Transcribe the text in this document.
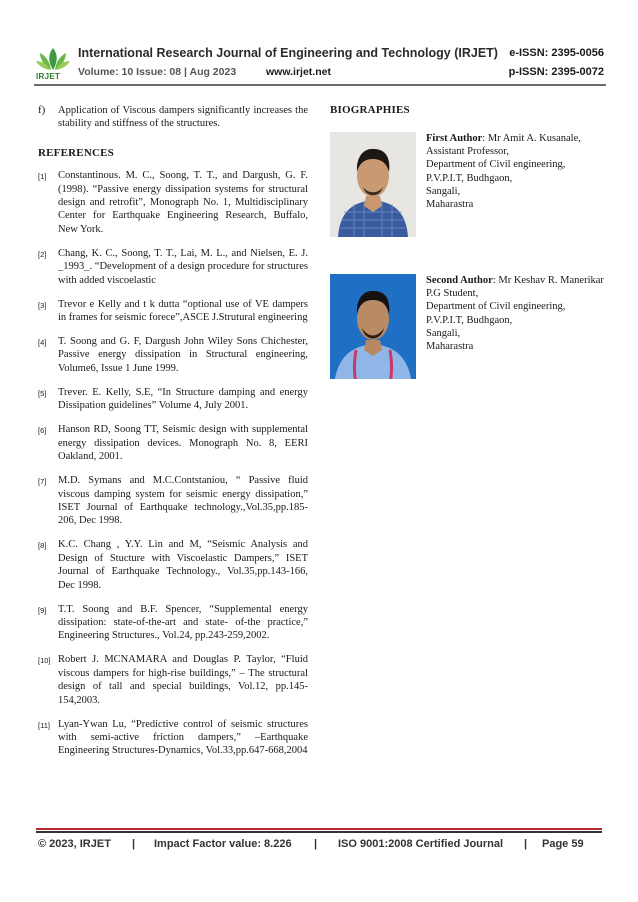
IRJET
International Research Journal of Engineering and Technology (IRJET) e-ISSN: 2395-0056
Volume: 10 Issue: 08 | Aug 2023	www.irjet.net	p-ISSN: 2395-0072
f)	Application of Viscous dampers significantly increases the stability and stiffness of the structures.
REFERENCES
[1]	Constantinous. M. C., Soong, T. T., and Dargush, G. F. (1998). “Passive energy dissipation systems for structural design and retrofit”, Monograph No. 1, Multidisciplinary Center for Earthquake Engineering Research, Buffalo, New York.
[2]	Chang, K. C., Soong, T. T., Lai, M. L., and Nielsen, E. J. _1993_. “Development of a design procedure for structures with added viscoelastic
[3]	Trevor e Kelly and t k dutta “optional use of VE dampers in frames for seismic forece”,ASCE J.Strutural engineering
[4]	T. Soong and G. F, Dargush John Wiley Sons Chichester, Passive energy dissipation in Structural engineering, Volume6, Issue 1 June 1999.
[5]	Trever. E. Kelly, S.E, “In Structure damping and energy Dissipation guidelines” Volume 4, July 2001.
[6]	Hanson RD, Soong TT, Seismic design with supplemental energy dissipation devices. Monograph No. 8, EERI Oakland, 2001.
[7]	M.D. Symans and M.C.Contstaniou, “ Passive fluid viscous damping system for seismic energy dissipation,” ISET Journal of Earthquake technology.,Vol.35,pp.185-206, Dec 1998.
[8]	K.C. Chang , Y.Y. Lin and M, “Seismic Analysis and Design of Stucture with Viscoelastic Dampers,” ISET Journal of Earthquake Technology., Vol.35,pp.143-166, Dec 1998.
[9]	T.T. Soong and B.F. Spencer, “Supplemental energy dissipation: state-of-the-art and state- of-the practice,” Engineering Structures., Vol.24, pp.243-259,2002.
[10] Robert J. MCNAMARA and Douglas P. Taylor, “Fluid viscous dampers for high-rise buildings,” – The structural design of tall and special buildings, Vol.12, pp.145-154,2003.
[11] Lyan-Ywan Lu, “Predictive control of seismic structures with semi-active friction dampers,” –Earthquake Engineering Structures-Dynamics, Vol.33,pp.647-668,2004
BIOGRAPHIES
First Author: Mr Amit A. Kusanale,
Assistant Professor,
Department of Civil engineering,
P.V.P.I.T, Budhgaon,
Sangali,
Maharastra
Second Author: Mr Keshav R. Manerikar
P.G Student,
Department of Civil engineering,
P.V.P.I.T, Budhgaon,
Sangali,
Maharastra
© 2023, IRJET | Impact Factor value: 8.226 | ISO 9001:2008 Certified Journal | Page 59
